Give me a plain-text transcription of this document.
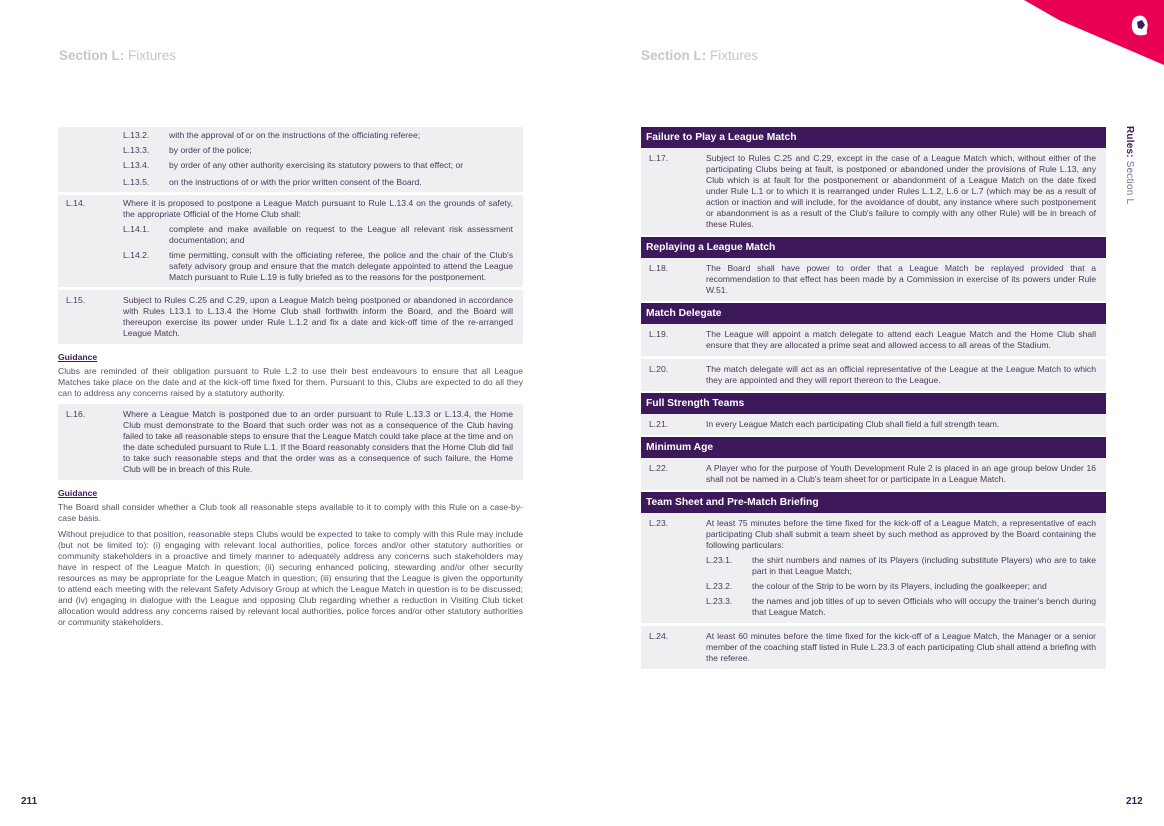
Section L: Fixtures	Section L: Fixtures
Rules: Section L
L.13.2.	with the approval of or on the instructions of the officiating referee;
L.13.3.	by order of the police;
L.13.4.	by order of any other authority exercising its statutory powers to that effect; or
L.13.5.	on the instructions of or with the prior written consent of the Board.
L.14.	Where it is proposed to postpone a League Match pursuant to Rule L.13.4 on the grounds of safety, the appropriate Official of the Home Club shall:
L.14.1.	complete and make available on request to the League all relevant risk assessment documentation; and
L.14.2.	time permitting, consult with the officiating referee, the police and the chair of the Club's safety advisory group and ensure that the match delegate appointed to attend the League Match pursuant to Rule L.19 is fully briefed as to the reasons for the postponement.
L.15.	Subject to Rules C.25 and C.29, upon a League Match being postponed or abandoned in accordance with Rules L13.1 to L.13.4 the Home Club shall forthwith inform the Board, and the Board will thereupon exercise its power under Rule L.1.2 and fix a date and kick-off time of the re-arranged League Match.
Guidance
Clubs are reminded of their obligation pursuant to Rule L.2 to use their best endeavours to ensure that all League Matches take place on the date and at the kick-off time fixed for them. Pursuant to this, Clubs are expected to do all they can to address any concerns raised by a statutory authority.
L.16.	Where a League Match is postponed due to an order pursuant to Rule L.13.3 or L.13.4, the Home Club must demonstrate to the Board that such order was not as a consequence of the Club having failed to take all reasonable steps to ensure that the League Match could take place at the time and on the date scheduled pursuant to Rule L.1. If the Board reasonably considers that the Home Club did fail to take such reasonable steps and that the order was as a consequence of such failure, the Home Club will be in breach of this Rule.
Guidance
The Board shall consider whether a Club took all reasonable steps available to it to comply with this Rule on a case-by-case basis.
Without prejudice to that position, reasonable steps Clubs would be expected to take to comply with this Rule may include (but not be limited to): (i) engaging with relevant local authorities, police forces and/or other statutory authorities or community stakeholders in a proactive and timely manner to adequately address any concerns such stakeholders may have in respect of the League Match in question; (ii) securing enhanced policing, stewarding and/or other security resources as may be appropriate for the League Match in question; (iii) ensuring that the League is given the opportunity to attend each meeting with the relevant Safety Advisory Group at which the League Match in question is to be discussed; and (iv) engaging in dialogue with the League and opposing Club regarding whether a reduction in Visiting Club ticket allocation would address any concerns raised by relevant local authorities, police forces and/or other statutory authorities or community stakeholders.
Failure to Play a League Match
L.17.	Subject to Rules C.25 and C.29, except in the case of a League Match which, without either of the participating Clubs being at fault, is postponed or abandoned under the provisions of Rule L.13, any Club which is at fault for the postponement or abandonment of a League Match on the date fixed under Rule L.1 or to which it is rearranged under Rules L.1.2, L.6 or L.7 (which may be as a result of action or inaction and will include, for the avoidance of doubt, any instance where such postponement or abandonment is as a result of the Club's failure to comply with any other Rule) will be in breach of these Rules.
Replaying a League Match
L.18.	The Board shall have power to order that a League Match be replayed provided that a recommendation to that effect has been made by a Commission in exercise of its powers under Rule W.51.
Match Delegate
L.19.	The League will appoint a match delegate to attend each League Match and the Home Club shall ensure that they are allocated a prime seat and allowed access to all areas of the Stadium.
L.20.	The match delegate will act as an official representative of the League at the League Match to which they are appointed and they will report thereon to the League.
Full Strength Teams
L.21.	In every League Match each participating Club shall field a full strength team.
Minimum Age
L.22.	A Player who for the purpose of Youth Development Rule 2 is placed in an age group below Under 16 shall not be named in a Club's team sheet for or participate in a League Match.
Team Sheet and Pre-Match Briefing
L.23.	At least 75 minutes before the time fixed for the kick-off of a League Match, a representative of each participating Club shall submit a team sheet by such method as approved by the Board containing the following particulars:
L.23.1.	the shirt numbers and names of its Players (including substitute Players) who are to take part in that League Match;
L.23.2.	the colour of the Strip to be worn by its Players, including the goalkeeper; and
L.23.3.	the names and job titles of up to seven Officials who will occupy the trainer's bench during that League Match.
L.24.	At least 60 minutes before the time fixed for the kick-off of a League Match, the Manager or a senior member of the coaching staff listed in Rule L.23.3 of each participating Club shall attend a briefing with the referee.
211	212
